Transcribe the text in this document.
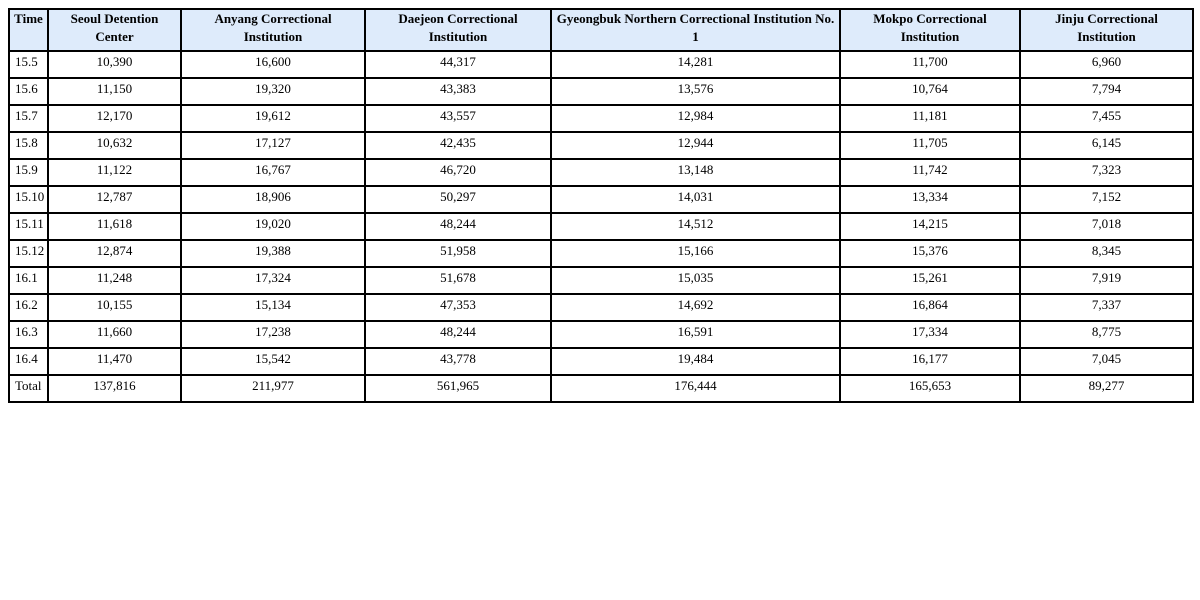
Time	Seoul Detention Center	Anyang Correctional Institution	Daejeon Correctional Institution	Gyeongbuk Northern Correctional Institution No. 1	Mokpo Correctional Institution	Jinju Correctional Institution
15.5	10,390	16,600	44,317	14,281	11,700	6,960
15.6	11,150	19,320	43,383	13,576	10,764	7,794
15.7	12,170	19,612	43,557	12,984	11,181	7,455
15.8	10,632	17,127	42,435	12,944	11,705	6,145
15.9	11,122	16,767	46,720	13,148	11,742	7,323
15.10	12,787	18,906	50,297	14,031	13,334	7,152
15.11	11,618	19,020	48,244	14,512	14,215	7,018
15.12	12,874	19,388	51,958	15,166	15,376	8,345
16.1	11,248	17,324	51,678	15,035	15,261	7,919
16.2	10,155	15,134	47,353	14,692	16,864	7,337
16.3	11,660	17,238	48,244	16,591	17,334	8,775
16.4	11,470	15,542	43,778	19,484	16,177	7,045
Total	137,816	211,977	561,965	176,444	165,653	89,277
